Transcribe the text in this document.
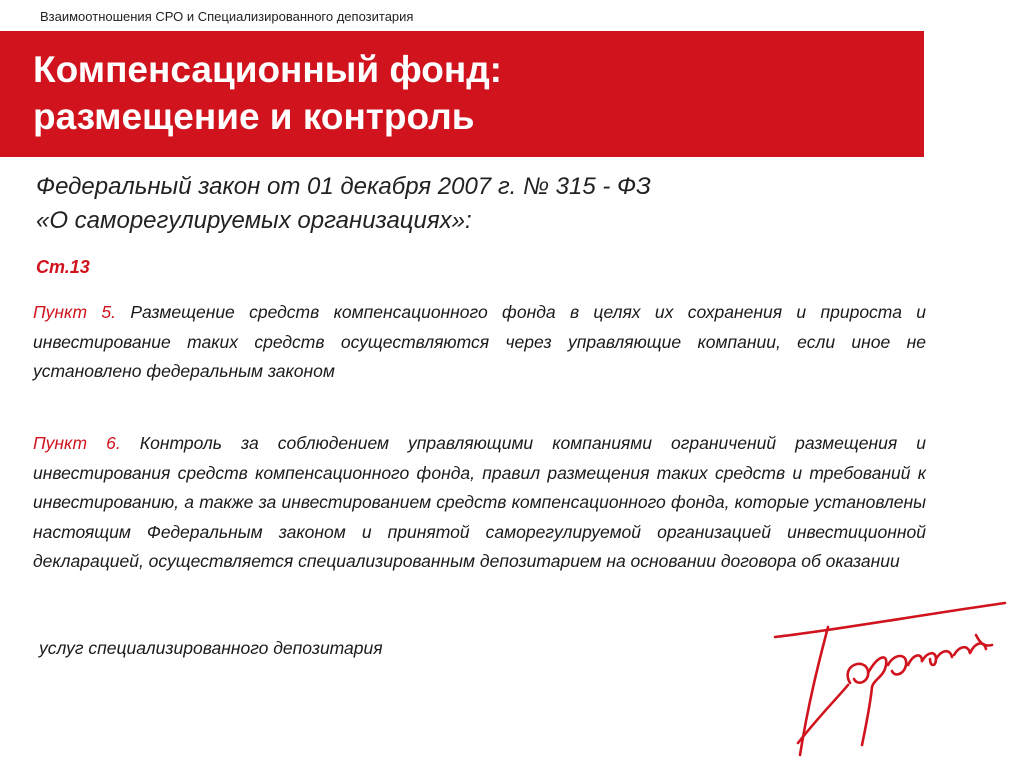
Взаимоотношения СРО и Специализированного депозитария
Компенсационный фонд:
размещение и контроль
Федеральный закон от 01 декабря 2007 г. № 315 - ФЗ
«О саморегулируемых организациях»:
Ст.13

Пункт 5. Размещение средств компенсационного фонда в целях их сохранения и прироста и инвестирование таких средств осуществляются через управляющие компании, если иное не установлено федеральным законом

Пункт 6. Контроль за соблюдением управляющими компаниями ограничений размещения и инвестирования средств компенсационного фонда, правил размещения таких средств и требований к инвестированию, а также за инвестированием средств компенсационного фонда, которые установлены настоящим Федеральным законом и принятой саморегулируемой организацией инвестиционной декларацией, осуществляется специализированным депозитарием на основании договора об оказании

услуг специализированного депозитария
